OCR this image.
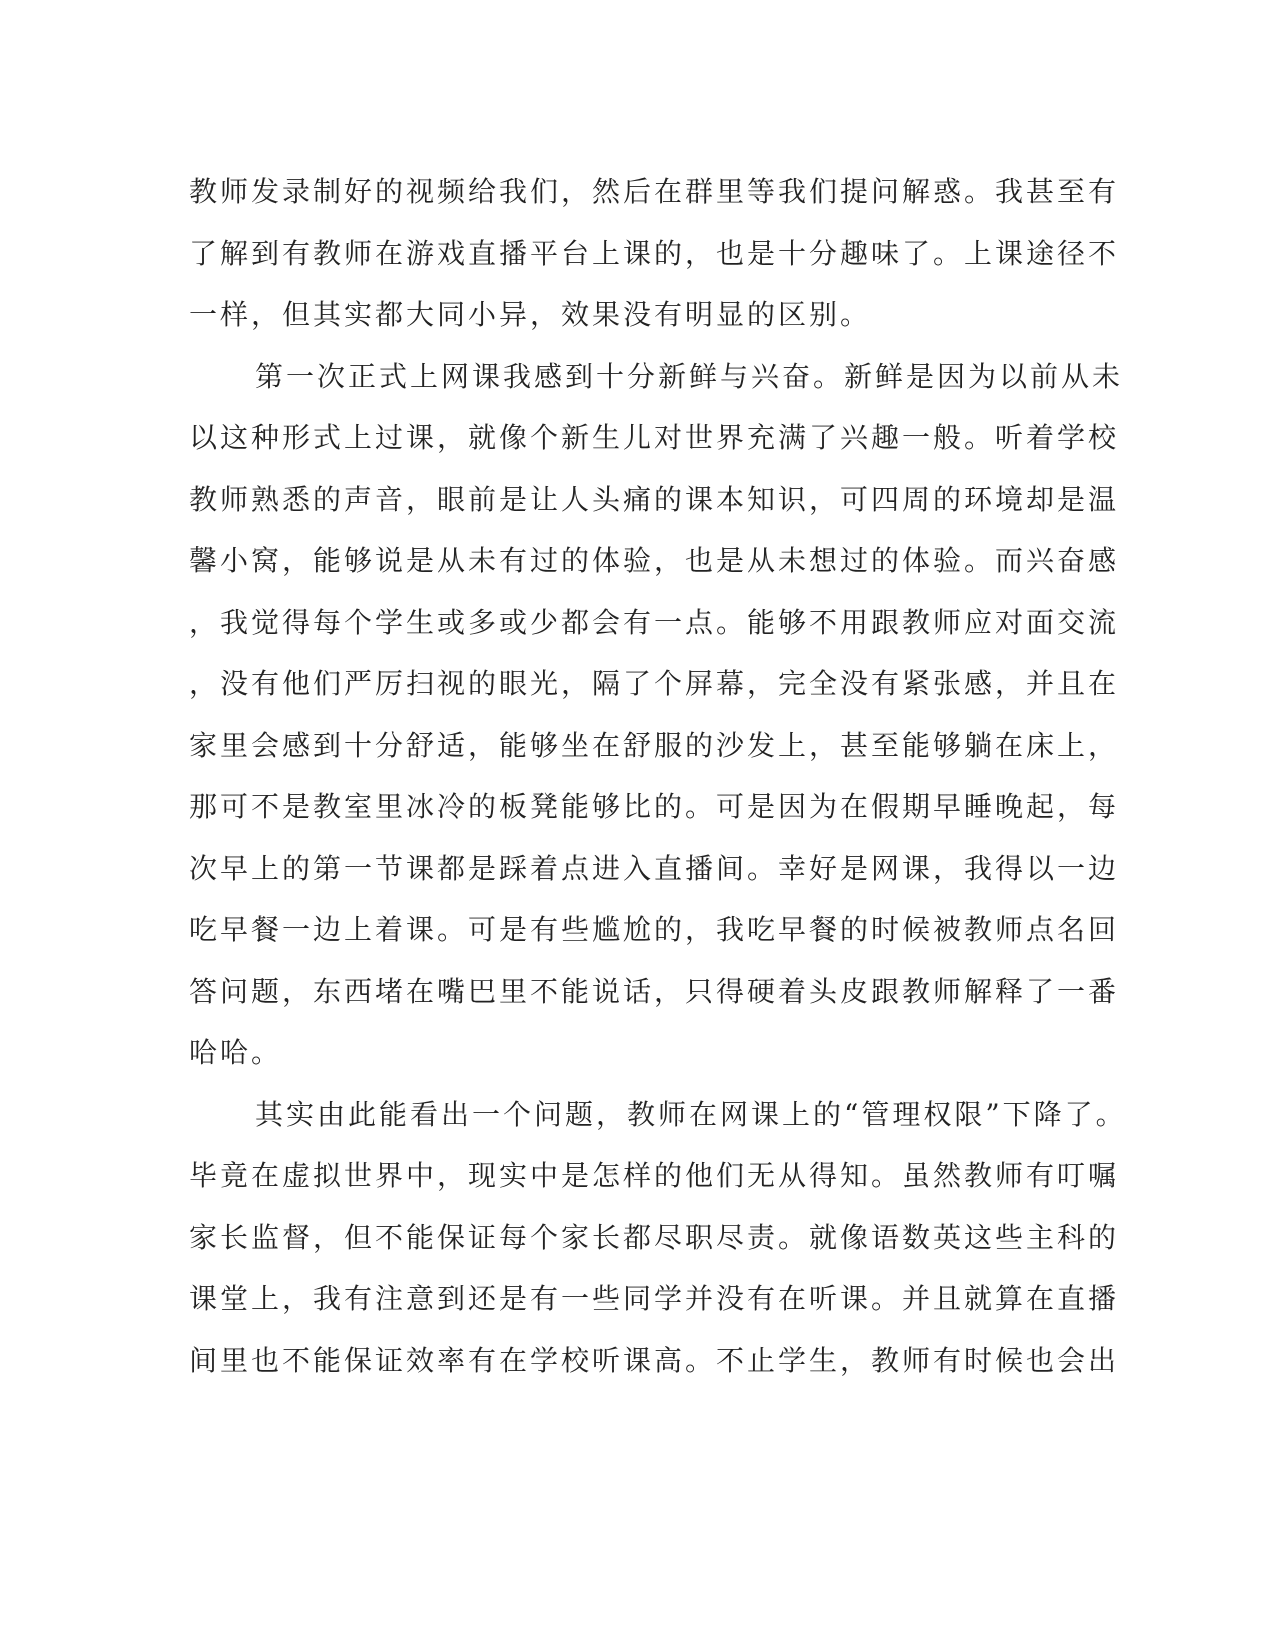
教师发录制好的视频给我们，然后在群里等我们提问解惑。我甚至有
了解到有教师在游戏直播平台上课的，也是十分趣味了。上课途径不
一样，但其实都大同小异，效果没有明显的区别。
第一次正式上网课我感到十分新鲜与兴奋。新鲜是因为以前从未
以这种形式上过课，就像个新生儿对世界充满了兴趣一般。听着学校
教师熟悉的声音，眼前是让人头痛的课本知识，可四周的环境却是温
馨小窝，能够说是从未有过的体验，也是从未想过的体验。而兴奋感
，我觉得每个学生或多或少都会有一点。能够不用跟教师应对面交流
，没有他们严厉扫视的眼光，隔了个屏幕，完全没有紧张感，并且在
家里会感到十分舒适，能够坐在舒服的沙发上，甚至能够躺在床上，
那可不是教室里冰冷的板凳能够比的。可是因为在假期早睡晚起，每
次早上的第一节课都是踩着点进入直播间。幸好是网课，我得以一边
吃早餐一边上着课。可是有些尴尬的，我吃早餐的时候被教师点名回
答问题，东西堵在嘴巴里不能说话，只得硬着头皮跟教师解释了一番
哈哈。
其实由此能看出一个问题，教师在网课上的“管理权限”下降了。
毕竟在虚拟世界中，现实中是怎样的他们无从得知。虽然教师有叮嘱
家长监督，但不能保证每个家长都尽职尽责。就像语数英这些主科的
课堂上，我有注意到还是有一些同学并没有在听课。并且就算在直播
间里也不能保证效率有在学校听课高。不止学生，教师有时候也会出
